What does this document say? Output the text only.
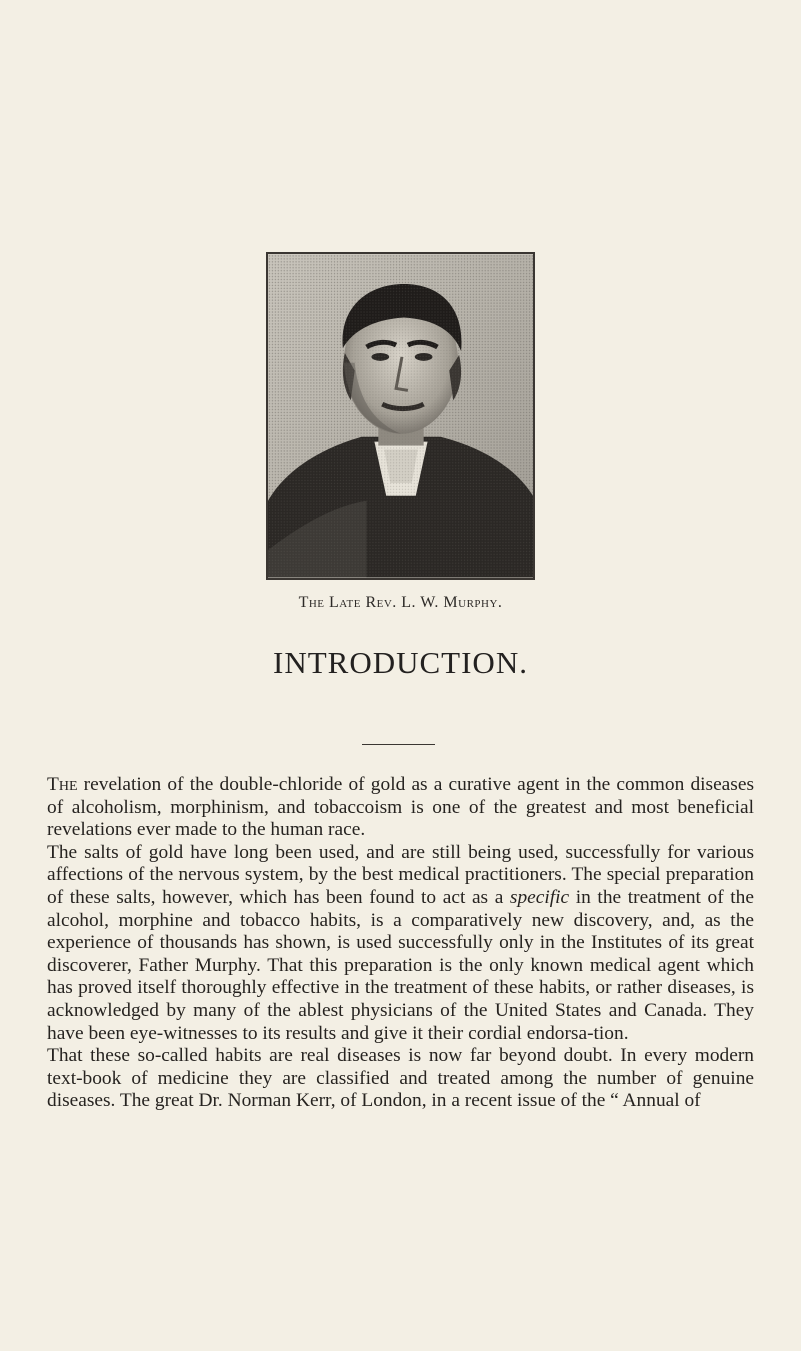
The Late Rev. L. W. Murphy.
INTRODUCTION.

The revelation of the double-chloride of gold as a curative agent in the common diseases of alcoholism, morphinism, and tobaccoism is one of the greatest and most beneficial revelations ever made to the human race.

The salts of gold have long been used, and are still being used, successfully for various affections of the nervous system, by the best medical practitioners. The special preparation of these salts, however, which has been found to act as a specific in the treatment of the alcohol, morphine and tobacco habits, is a comparatively new discovery, and, as the experience of thousands has shown, is used successfully only in the Institutes of its great discoverer, Father Murphy. That this preparation is the only known medical agent which has proved itself thoroughly effective in the treatment of these habits, or rather diseases, is acknowledged by many of the ablest physicians of the United States and Canada. They have been eye-witnesses to its results and give it their cordial endorsa-tion.

That these so-called habits are real diseases is now far beyond doubt. In every modern text-book of medicine they are classified and treated among the number of genuine diseases. The great Dr. Norman Kerr, of London, in a recent issue of the “ Annual of
